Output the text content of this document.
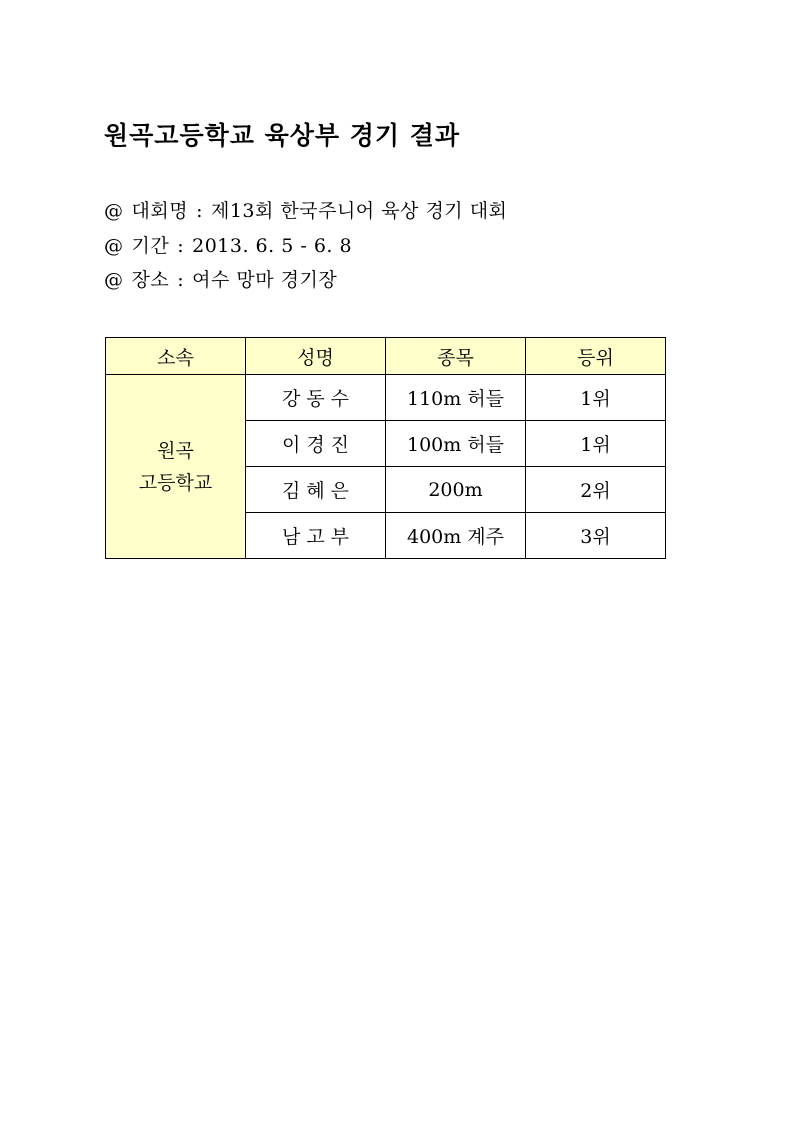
원곡고등학교 육상부 경기 결과
@ 대회명 : 제13회 한국주니어 육상 경기 대회
@ 기간 : 2013. 6. 5 - 6. 8
@ 장소 : 여수 망마 경기장
소속	성명	종목	등위

원곡
고등학교	강동수	110m 허들	1위
	이경진	100m 허들	1위
	김혜은	200m	2위
	남고부	400m 계주	3위
